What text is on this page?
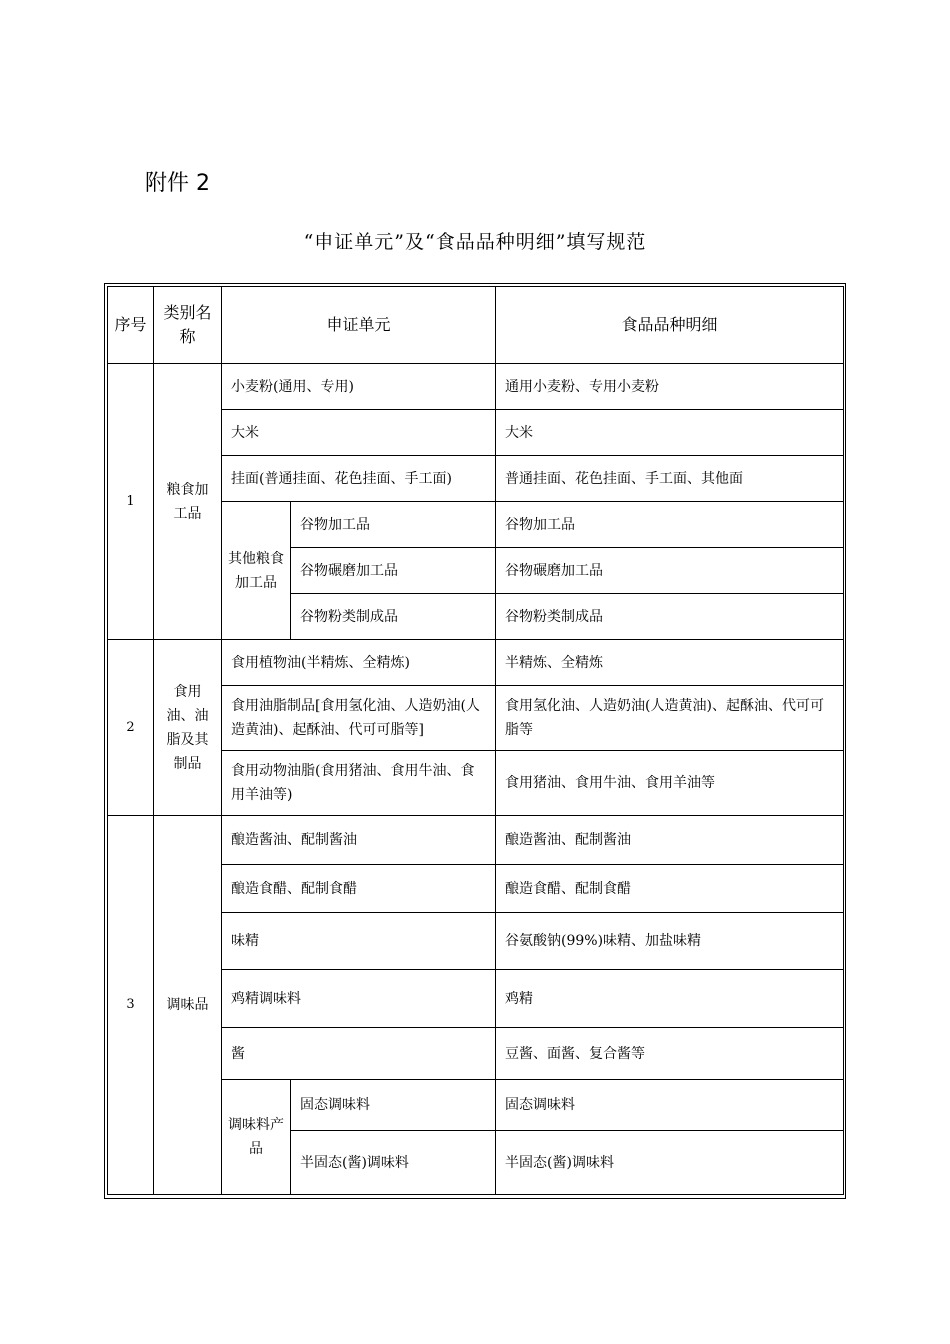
附件 2
“申证单元”及“食品品种明细”填写规范
序号	类别名称	申证单元		食品品种明细
1	粮食加工品	小麦粉(通用、专用)		通用小麦粉、专用小麦粉
		大米		大米
		挂面(普通挂面、花色挂面、手工面)		普通挂面、花色挂面、手工面、其他面
		其他粮食加工品	谷物加工品	谷物加工品
			谷物碾磨加工品	谷物碾磨加工品
			谷物粉类制成品	谷物粉类制成品
2	食用油、油脂及其制品	食用植物油(半精炼、全精炼)		半精炼、全精炼
		食用油脂制品[食用氢化油、人造奶油(人造黄油)、起酥油、代可可脂等]		食用氢化油、人造奶油(人造黄油)、起酥油、代可可脂等
		食用动物油脂(食用猪油、食用牛油、食用羊油等)		食用猪油、食用牛油、食用羊油等
3	调味品	酿造酱油、配制酱油		酿造酱油、配制酱油
		酿造食醋、配制食醋		酿造食醋、配制食醋
		味精		谷氨酸钠(99%)味精、加盐味精
		鸡精调味料		鸡精
		酱		豆酱、面酱、复合酱等
		调味料产品	固态调味料	固态调味料
			半固态(酱)调味料	半固态(酱)调味料
